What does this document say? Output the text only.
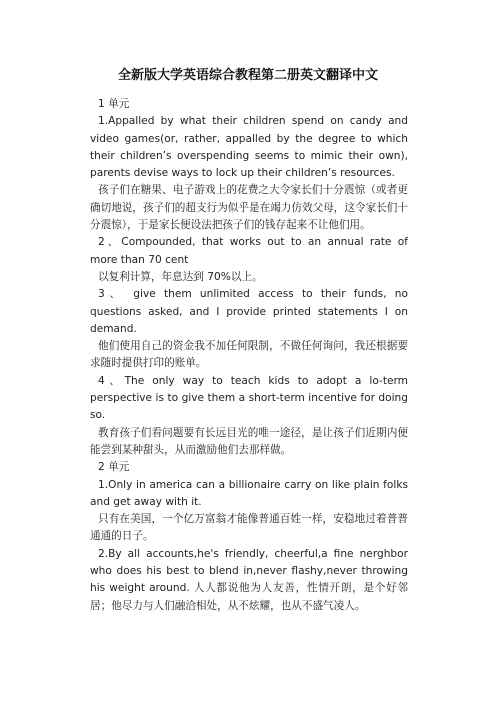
全新版大学英语综合教程第二册英文翻译中文

1 单元

1.Appalled by what their children spend on candy and video games(or, rather, appalled by the degree to which their children’s overspending seems to mimic their own), parents devise ways to lock up their children’s resources.

孩子们在糖果、电子游戏上的花费之大令家长们十分震惊（或者更确切地说，孩子们的超支行为似乎是在竭力仿效父母，这令家长们十分震惊），于是家长便设法把孩子们的钱存起来不让他们用。

2、Compounded, that works out to an annual rate of more than 70 cent

以复利计算，年息达到 70%以上。

3、 give them unlimited access to their funds, no questions asked, and I provide printed statements I on demand.

他们使用自己的资金我不加任何限制，不做任何询问，我还根据要求随时提供打印的账单。

4、The only way to teach kids to adopt a lo-term perspective is to give them a short-term incentive for doing so.

教育孩子们看问题要有长远目光的唯一途径，是让孩子们近期内便能尝到某种甜头，从而激励他们去那样做。

2 单元

1.Only in america can a billionaire carry on like plain folks and get away with it.

只有在美国，一个亿万富翁才能像普通百姓一样，安稳地过着普普通通的日子。

2.By all accounts,he's friendly, cheerful,a fine nerghbor who does his best to blend in,never flashy,never throwing his weight around. 人人都说他为人友善，性情开朗，是个好邻居；他尽力与人们融洽相处，从不炫耀，也从不盛气凌人。
